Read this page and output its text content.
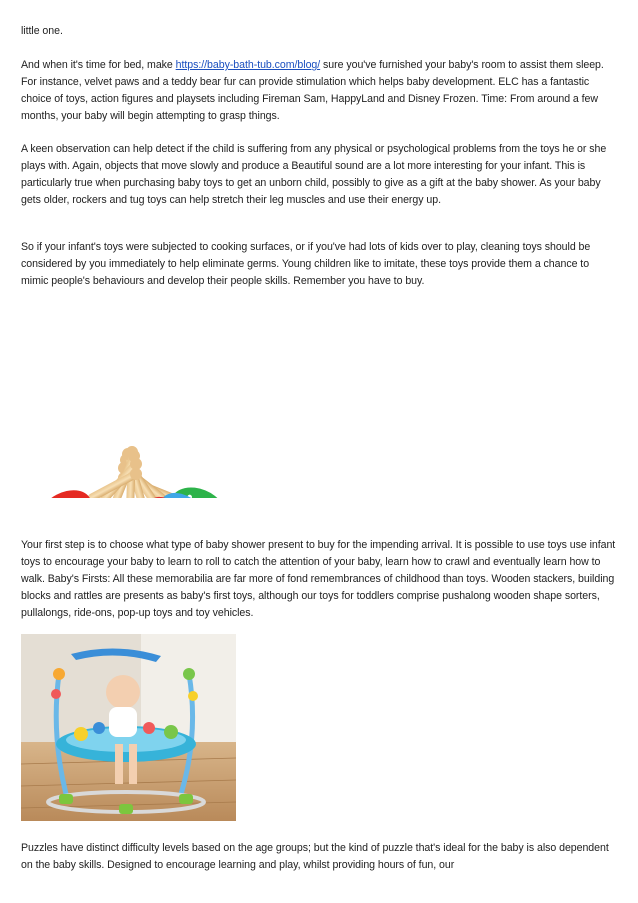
little one.

And when it's time for bed, make https://baby-bath-tub.com/blog/ sure you've furnished your baby's room to assist them sleep. For instance, velvet paws and a teddy bear fur can provide stimulation which helps baby development. ELC has a fantastic choice of toys, action figures and playsets including Fireman Sam, HappyLand and Disney Frozen. Time: From around a few months, your baby will begin attempting to grasp things.

A keen observation can help detect if the child is suffering from any physical or psychological problems from the toys he or she plays with. Again, objects that move slowly and produce a Beautiful sound are a lot more interesting for your infant. This is particularly true when purchasing baby toys to get an unborn child, possibly to give as a gift at the baby shower. As your baby gets older, rockers and tug toys can help stretch their leg muscles and use their energy up.

So if your infant's toys were subjected to cooking surfaces, or if you've had lots of kids over to play, cleaning toys should be considered by you immediately to help eliminate germs. Young children like to imitate, these toys provide them a chance to mimic people's behaviours and develop their people skills. Remember you have to buy.

Your first step is to choose what type of baby shower present to buy for the impending arrival. It is possible to use toys use infant toys to encourage your baby to learn to roll to catch the attention of your baby, learn how to crawl and eventually learn how to walk. Baby's Firsts: All these memorabilia are far more of fond remembrances of childhood than toys. Wooden stackers, building blocks and rattles are presents as baby's first toys, although our toys for toddlers comprise pushalong wooden shape sorters, pullalongs, ride-ons, pop-up toys and toy vehicles.

Puzzles have distinct difficulty levels based on the age groups; but the kind of puzzle that's ideal for the baby is also dependent on the baby skills. Designed to encourage learning and play, whilst providing hours of fun, our
